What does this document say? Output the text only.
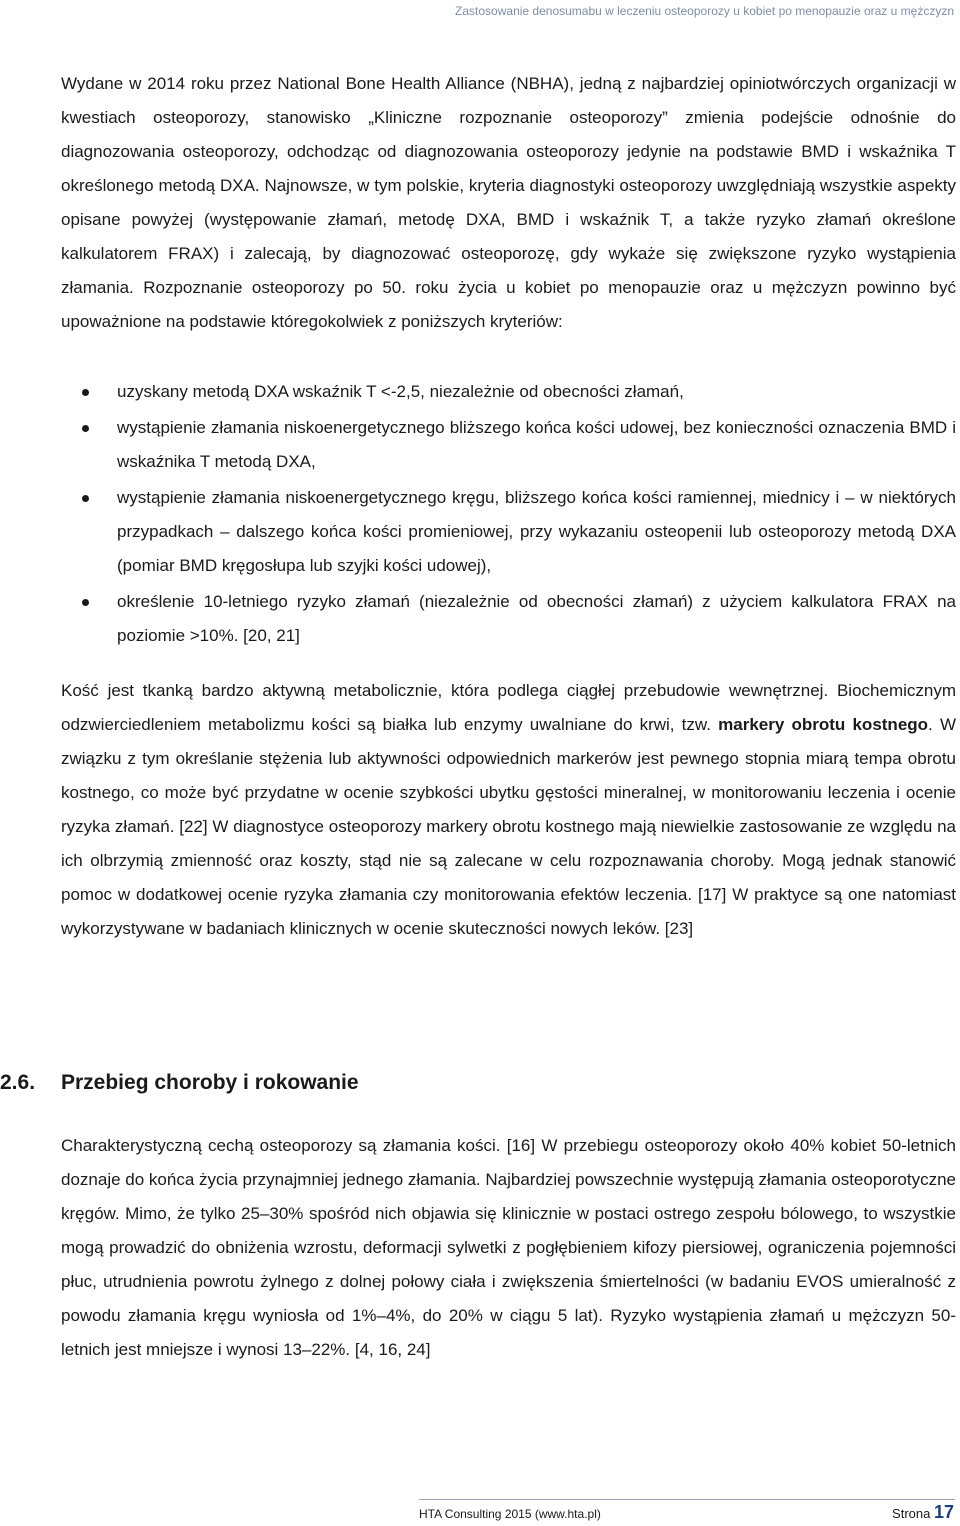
Zastosowanie denosumabu w leczeniu osteoporozy u kobiet po menopauzie oraz u mężczyzn

Wydane w 2014 roku przez National Bone Health Alliance (NBHA), jedną z najbardziej opiniotwórczych organizacji w kwestiach osteoporozy, stanowisko „Kliniczne rozpoznanie osteoporozy” zmienia podejście odnośnie do diagnozowania osteoporozy, odchodząc od diagnozowania osteoporozy jedynie na podstawie BMD i wskaźnika T określonego metodą DXA. Najnowsze, w tym polskie, kryteria diagnostyki osteoporozy uwzględniają wszystkie aspekty opisane powyżej (występowanie złamań, metodę DXA, BMD i wskaźnik T, a także ryzyko złamań określone kalkulatorem FRAX) i zalecają, by diagnozować osteoporozę, gdy wykaże się zwiększone ryzyko wystąpienia złamania. Rozpoznanie osteoporozy po 50. roku życia u kobiet po menopauzie oraz u mężczyzn powinno być upoważnione na podstawie któregokolwiek z poniższych kryteriów:

uzyskany metodą DXA wskaźnik T <-2,5, niezależnie od obecności złamań,
wystąpienie złamania niskoenergetycznego bliższego końca kości udowej, bez konieczności oznaczenia BMD i wskaźnika T metodą DXA,
wystąpienie złamania niskoenergetycznego kręgu, bliższego końca kości ramiennej, miednicy i – w niektórych przypadkach – dalszego końca kości promieniowej, przy wykazaniu osteopenii lub osteoporozy metodą DXA (pomiar BMD kręgosłupa lub szyjki kości udowej),
określenie 10-letniego ryzyko złamań (niezależnie od obecności złamań) z użyciem kalkulatora FRAX na poziomie >10%. [20, 21]

Kość jest tkanką bardzo aktywną metabolicznie, która podlega ciągłej przebudowie wewnętrznej. Biochemicznym odzwierciedleniem metabolizmu kości są białka lub enzymy uwalniane do krwi, tzw. markery obrotu kostnego. W związku z tym określanie stężenia lub aktywności odpowiednich markerów jest pewnego stopnia miarą tempa obrotu kostnego, co może być przydatne w ocenie szybkości ubytku gęstości mineralnej, w monitorowaniu leczenia i ocenie ryzyka złamań. [22] W diagnostyce osteoporozy markery obrotu kostnego mają niewielkie zastosowanie ze względu na ich olbrzymią zmienność oraz koszty, stąd nie są zalecane w celu rozpoznawania choroby. Mogą jednak stanowić pomoc w dodatkowej ocenie ryzyka złamania czy monitorowania efektów leczenia. [17] W praktyce są one natomiast wykorzystywane w badaniach klinicznych w ocenie skuteczności nowych leków. [23]

2.6. Przebieg choroby i rokowanie

Charakterystyczną cechą osteoporozy są złamania kości. [16] W przebiegu osteoporozy około 40% kobiet 50-letnich doznaje do końca życia przynajmniej jednego złamania. Najbardziej powszechnie występują złamania osteoporotyczne kręgów. Mimo, że tylko 25–30% spośród nich objawia się klinicznie w postaci ostrego zespołu bólowego, to wszystkie mogą prowadzić do obniżenia wzrostu, deformacji sylwetki z pogłębieniem kifozy piersiowej, ograniczenia pojemności płuc, utrudnienia powrotu żylnego z dolnej połowy ciała i zwiększenia śmiertelności (w badaniu EVOS umieralność z powodu złamania kręgu wyniosła od 1%–4%, do 20% w ciągu 5 lat). Ryzyko wystąpienia złamań u mężczyzn 50-letnich jest mniejsze i wynosi 13–22%. [4, 16, 24]

HTA Consulting 2015 (www.hta.pl)	Strona 17
